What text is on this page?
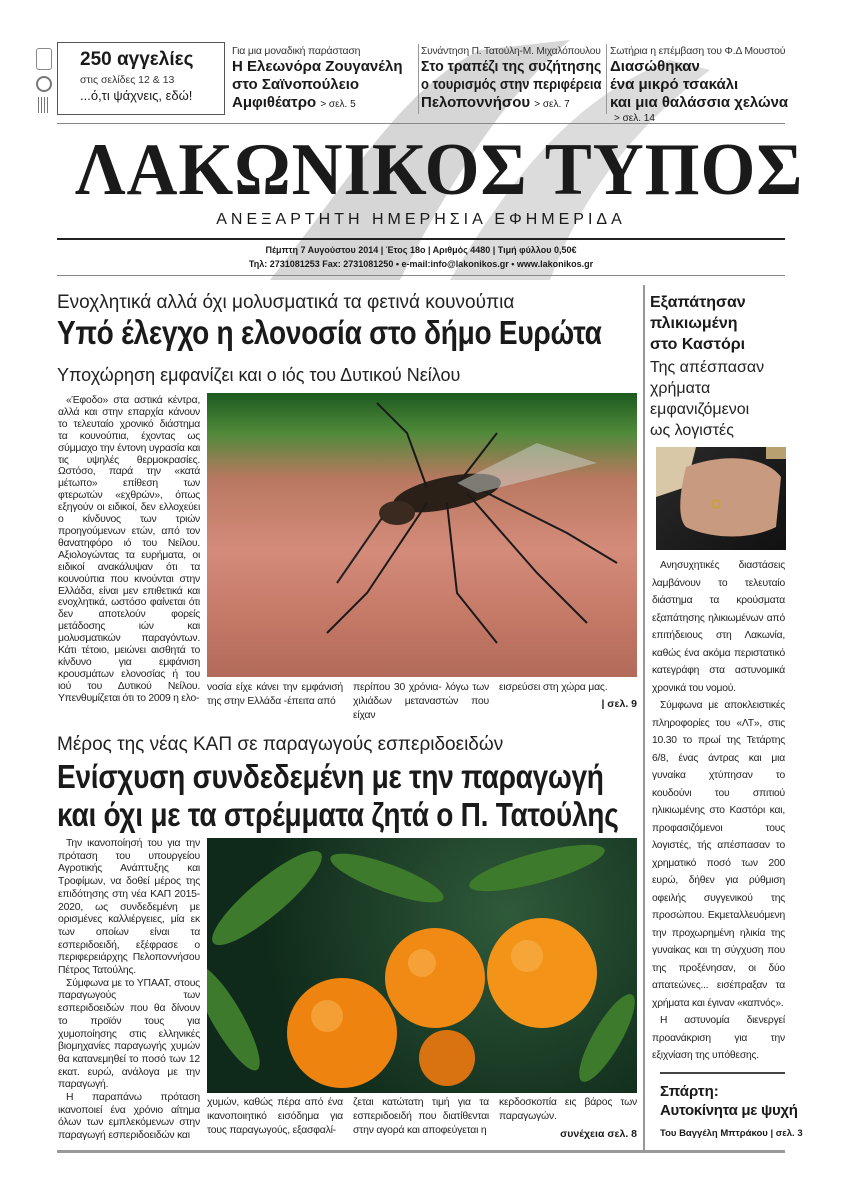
250 αγγελίες
στις σελίδες 12 & 13
...ό,τι ψάχνεις, εδώ!
Για μια μοναδική παράσταση
Η Ελεωνόρα Ζουγανέλη
στο Σαϊνοπούλειο
Αμφιθέατρο > σελ. 5
Συνάντηση Π. Τατούλη-Μ. Μιχαλόπουλου
Στο τραπέζι της συζήτησης
ο τουρισμός στην περιφέρεια
Πελοποννήσου > σελ. 7
Σωτήρια η επέμβαση του Φ.Δ Μουστού
Διασώθηκαν
ένα μικρό τσακάλι
και μια θαλάσσια χελώνα
> σελ. 14
ΛΑΚΩΝΙΚΟΣ ΤΥΠΟΣ
ΑΝΕΞΑΡΤΗΤΗ ΗΜΕΡΗΣΙΑ ΕΦΗΜΕΡΙΔΑ
Πέμπτη 7 Αυγούστου 2014 | Έτος 18ο | Αριθμός 4480 | Τιμή φύλλου 0,50€
Τηλ: 2731081253 Fax: 2731081250 • e-mail:info@lakonikos.gr • www.lakonikos.gr
Ενοχλητικά αλλά όχι μολυσματικά τα φετινά κουνούπια
Υπό έλεγχο η ελονοσία στο δήμο Ευρώτα
Υποχώρηση εμφανίζει και ο ιός του Δυτικού Νείλου

«Έφοδο» στα αστικά κέντρα, αλλά και στην επαρχία κάνουν το τελευταίο χρονικό διάστημα τα κουνούπια, έχοντας ως σύμμαχο την έντονη υγρασία και τις υψηλές θερμοκρασίες. Ωστόσο, παρά την «κατά μέτωπο» επίθεση των φτερωτών «εχθρών», όπως εξηγούν οι ειδικοί, δεν ελλοχεύει ο κίνδυνος των τριών προηγούμενων ετών, από τον θανατηφόρο ιό του Νείλου. Αξιολογώντας τα ευρήματα, οι ειδικοί ανακάλυψαν ότι τα κουνούπια που κινούνται στην Ελλάδα, είναι μεν επιθετικά και ενοχλητικά, ωστόσο φαίνεται ότι δεν αποτελούν φορείς μετάδοσης ιών και μολυσματικών παραγόντων. Κάτι τέτοιο, μειώνει αισθητά το κίνδυνο για εμφάνιση κρουσμάτων ελονοσίας ή του ιού του Δυτικού Νείλου. Υπενθυμίζεται ότι το 2009 η ελο-

νοσία είχε κάνει την εμφάνισή της στην Ελλάδα -έπειτα από
περίπου 30 χρόνια- λόγω των χιλιάδων μεταναστών που είχαν
εισρεύσει στη χώρα μας.
| σελ. 9
Μέρος της νέας ΚΑΠ σε παραγωγούς εσπεριδοειδών
Ενίσχυση συνδεδεμένη με την παραγωγή
και όχι με τα στρέμματα ζητά ο Π. Τατούλης

Την ικανοποίησή του για την πρόταση του υπουργείου Αγροτικής Ανάπτυξης και Τροφίμων, να δοθεί μέρος της επιδότησης στη νέα ΚΑΠ 2015-2020, ως συνδεδεμένη με ορισμένες καλλιέργειες, μία εκ των οποίων είναι τα εσπεριδοειδή, εξέφρασε ο περιφερειάρχης Πελοποννήσου Πέτρος Τατούλης.

Σύμφωνα με το ΥΠΑΑΤ, στους παραγωγούς των εσπεριδοειδών που θα δίνουν το προϊόν τους για χυμοποίησης στις ελληνικές βιομηχανίες παραγωγής χυμών θα κατανεμηθεί το ποσό των 12 εκατ. ευρώ, ανάλογα με την παραγωγή.

Η παραπάνω πρόταση ικανοποιεί ένα χρόνιο αίτημα όλων των εμπλεκόμενων στην παραγωγή εσπεριδοειδών και

χυμών, καθώς πέρα από ένα ικανοποιητικό εισόδημα για τους παραγωγούς, εξασφαλί-
ζεται κατώτατη τιμή για τα εσπεριδοειδή που διατίθενται στην αγορά και αποφεύγεται η
κερδοσκοπία εις βάρος των παραγωγών.
συνέχεια σελ. 8
Εξαπάτησαν
πλικιωμένη
στο Καστόρι
Της απέσπασαν
χρήματα
εμφανιζόμενοι
ως λογιστές

Ανησυχητικές διαστάσεις λαμβάνουν το τελευταίο διάστημα τα κρούσματα εξαπάτησης ηλικιωμένων από επιτήδειους στη Λακωνία, καθώς ένα ακόμα περιστατικό κατεγράφη στα αστυνομικά χρονικά του νομού.

Σύμφωνα με αποκλειστικές πληροφορίες του «ΛΤ», στις 10.30 το πρωί της Τετάρτης 6/8, ένας άντρας και μια γυναίκα χτύπησαν το κουδούνι του σπιτιού ηλικιωμένης στο Καστόρι και, προφασιζόμενοι τους λογιστές, τής απέσπασαν το χρηματικό ποσό των 200 ευρώ, δήθεν για ρύθμιση οφειλής συγγενικού της προσώπου. Εκμεταλλευόμενη την προχωρημένη ηλικία της γυναίκας και τη σύγχυση που της προξένησαν, οι δύο απατεώνες... εισέπραξαν τα χρήματα και έγιναν «καπνός».

Η αστυνομία διενεργεί προανάκριση για την εξιχνίαση της υπόθεσης.

Σπάρτη:
Αυτοκίνητα με ψυχή
Του Βαγγέλη Μπτράκου | σελ. 3
